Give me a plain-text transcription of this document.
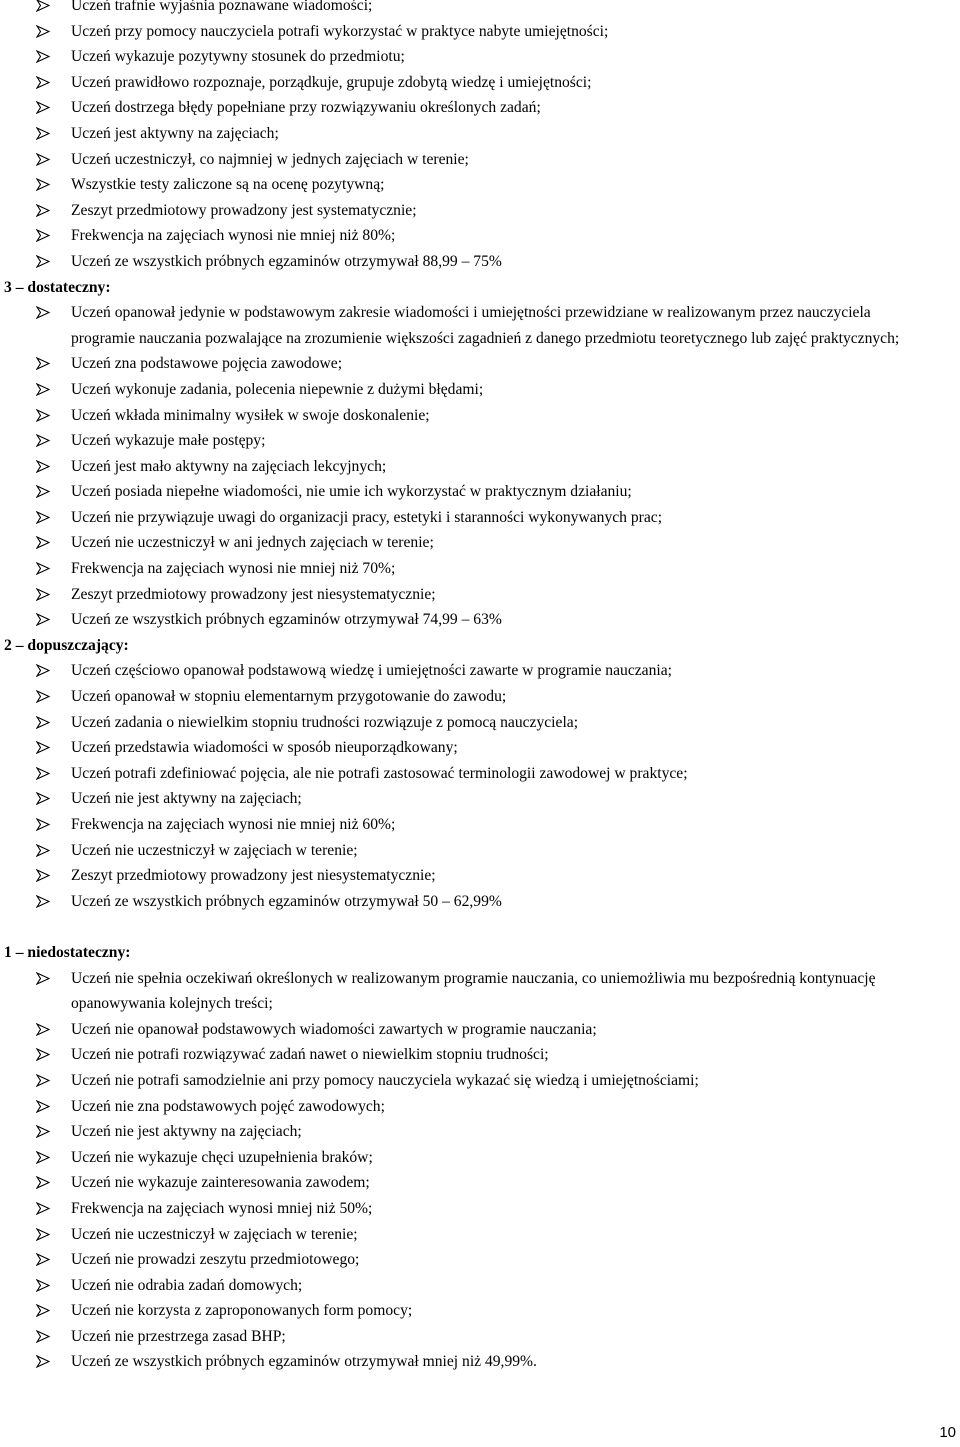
Uczeń trafnie wyjaśnia poznawane wiadomości;
Uczeń przy pomocy nauczyciela potrafi wykorzystać w praktyce nabyte umiejętności;
Uczeń wykazuje pozytywny stosunek do przedmiotu;
Uczeń prawidłowo rozpoznaje, porządkuje, grupuje zdobytą wiedzę i umiejętności;
Uczeń dostrzega błędy popełniane przy rozwiązywaniu określonych zadań;
Uczeń jest aktywny na zajęciach;
Uczeń uczestniczył, co najmniej w jednych zajęciach w terenie;
Wszystkie testy zaliczone są na ocenę pozytywną;
Zeszyt przedmiotowy prowadzony jest systematycznie;
Frekwencja na zajęciach wynosi nie mniej niż 80%;
Uczeń ze wszystkich próbnych egzaminów otrzymywał 88,99 – 75%
3 – dostateczny:
Uczeń opanował jedynie w podstawowym zakresie wiadomości i umiejętności przewidziane w realizowanym przez nauczyciela programie nauczania pozwalające na zrozumienie większości zagadnień z danego przedmiotu teoretycznego lub zajęć praktycznych;
Uczeń zna podstawowe pojęcia zawodowe;
Uczeń wykonuje zadania, polecenia niepewnie z dużymi błędami;
Uczeń wkłada minimalny wysiłek w swoje doskonalenie;
Uczeń wykazuje małe postępy;
Uczeń jest mało aktywny na zajęciach lekcyjnych;
Uczeń posiada niepełne wiadomości, nie umie ich wykorzystać w praktycznym działaniu;
Uczeń nie przywiązuje uwagi do organizacji pracy, estetyki i staranności wykonywanych prac;
Uczeń nie uczestniczył w ani jednych zajęciach w terenie;
Frekwencja na zajęciach wynosi nie mniej niż 70%;
Zeszyt przedmiotowy prowadzony jest niesystematycznie;
Uczeń ze wszystkich próbnych egzaminów otrzymywał 74,99 – 63%
2 – dopuszczający:
Uczeń częściowo opanował podstawową wiedzę i umiejętności zawarte w programie nauczania;
Uczeń opanował w stopniu elementarnym przygotowanie do zawodu;
Uczeń zadania o niewielkim stopniu trudności rozwiązuje z pomocą nauczyciela;
Uczeń przedstawia wiadomości w sposób nieuporządkowany;
Uczeń potrafi zdefiniować pojęcia, ale nie potrafi zastosować terminologii zawodowej w praktyce;
Uczeń nie jest aktywny na zajęciach;
Frekwencja na zajęciach wynosi nie mniej niż 60%;
Uczeń nie uczestniczył w zajęciach w terenie;
Zeszyt przedmiotowy prowadzony jest niesystematycznie;
Uczeń ze wszystkich próbnych egzaminów otrzymywał 50 – 62,99%
1 – niedostateczny:
Uczeń nie spełnia oczekiwań określonych w realizowanym programie nauczania, co uniemożliwia mu bezpośrednią kontynuację opanowywania kolejnych treści;
Uczeń nie opanował podstawowych wiadomości zawartych w programie nauczania;
Uczeń nie potrafi rozwiązywać zadań nawet o niewielkim stopniu trudności;
Uczeń nie potrafi samodzielnie ani przy pomocy nauczyciela wykazać się wiedzą i umiejętnościami;
Uczeń nie zna podstawowych pojęć zawodowych;
Uczeń nie jest aktywny na zajęciach;
Uczeń nie wykazuje chęci uzupełnienia braków;
Uczeń nie wykazuje zainteresowania zawodem;
Frekwencja na zajęciach wynosi mniej niż 50%;
Uczeń nie uczestniczył w zajęciach w terenie;
Uczeń nie prowadzi zeszytu przedmiotowego;
Uczeń nie odrabia zadań domowych;
Uczeń nie korzysta z zaproponowanych form pomocy;
Uczeń nie przestrzega zasad BHP;
Uczeń ze wszystkich próbnych egzaminów otrzymywał mniej niż 49,99%.
10
